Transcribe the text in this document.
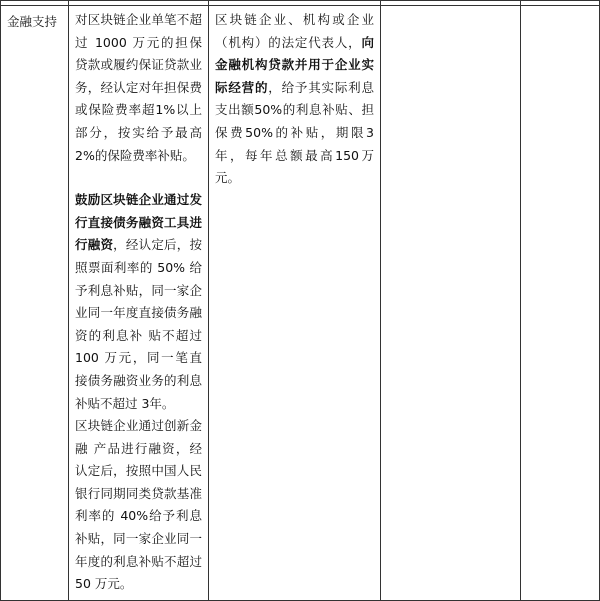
金融支持	对区块链企业单笔不超过 1000 万元的担保贷款或履约保证贷款业务，经认定对年担保费或保险费率超1%以上部分，按实给予最高2%的保险费率补贴。

鼓励区块链企业通过发行直接债务融资工具进行融资，经认定后，按照票面利率的 50% 给予利息补贴，同一家企业同一年度直接债务融资的利息补 贴不超过 100 万元，同一笔直接债务融资业务的利息补贴不超过 3年。

区块链企业通过创新金融 产品进行融资，经认定后，按照中国人民银行同期同类贷款基准利率的 40%给予利息补贴，同一家企业同一年度的利息补贴不超过 50 万元。	区块链企业、机构或企业（机构）的法定代表人，向金融机构贷款并用于企业实际经营的，给予其实际利息支出额50%的利息补贴、担保费50%的补贴，期限3年，每年总额最高150万元。		
